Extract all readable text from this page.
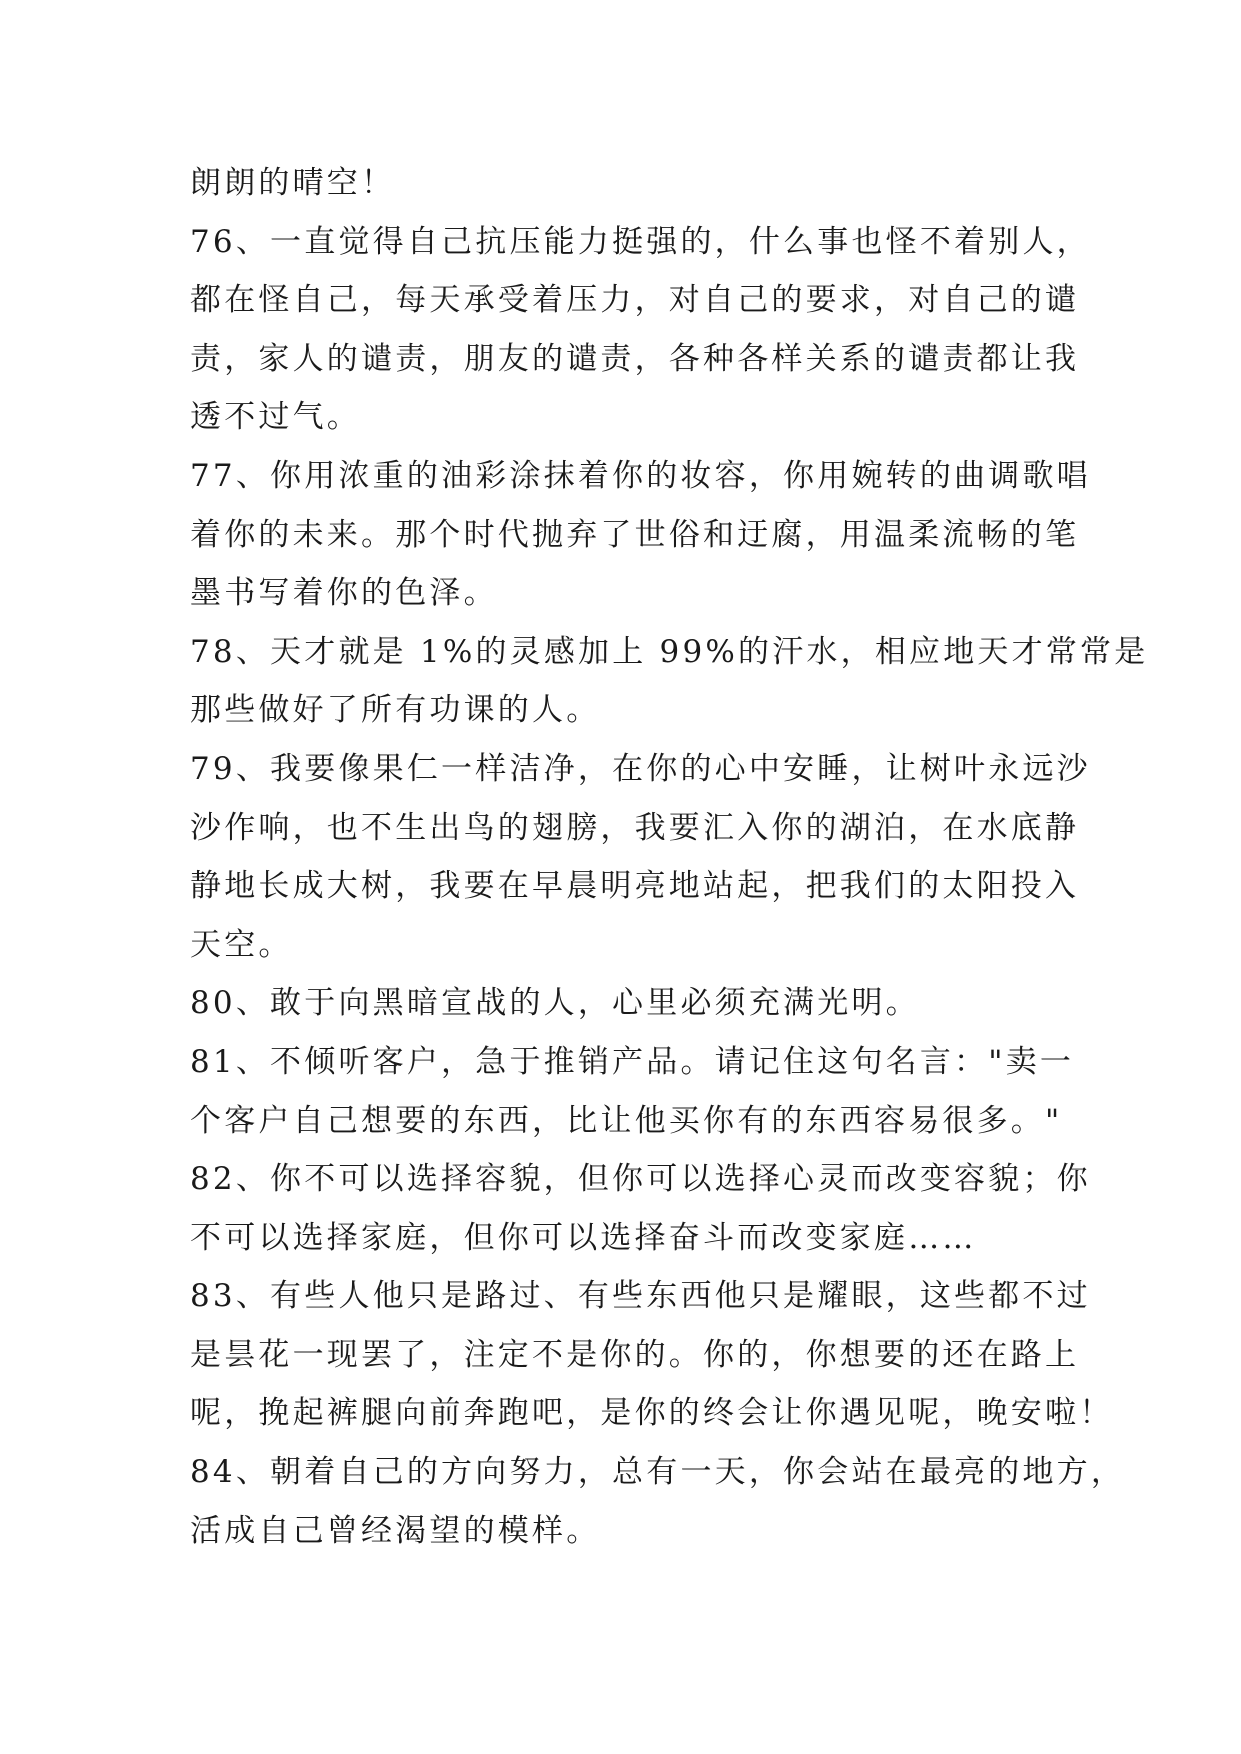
朗朗的晴空！
76、一直觉得自己抗压能力挺强的，什么事也怪不着别人，
都在怪自己，每天承受着压力，对自己的要求，对自己的谴
责，家人的谴责，朋友的谴责，各种各样关系的谴责都让我
透不过气。
77、你用浓重的油彩涂抹着你的妆容，你用婉转的曲调歌唱
着你的未来。那个时代抛弃了世俗和迂腐，用温柔流畅的笔
墨书写着你的色泽。
78、天才就是 1%的灵感加上 99%的汗水，相应地天才常常是
那些做好了所有功课的人。
79、我要像果仁一样洁净，在你的心中安睡，让树叶永远沙
沙作响，也不生出鸟的翅膀，我要汇入你的湖泊，在水底静
静地长成大树，我要在早晨明亮地站起，把我们的太阳投入
天空。
80、敢于向黑暗宣战的人，心里必须充满光明。
81、不倾听客户，急于推销产品。请记住这句名言："卖一
个客户自己想要的东西，比让他买你有的东西容易很多。"
82、你不可以选择容貌，但你可以选择心灵而改变容貌；你
不可以选择家庭，但你可以选择奋斗而改变家庭……
83、有些人他只是路过、有些东西他只是耀眼，这些都不过
是昙花一现罢了，注定不是你的。你的，你想要的还在路上
呢，挽起裤腿向前奔跑吧，是你的终会让你遇见呢，晚安啦！
84、朝着自己的方向努力，总有一天，你会站在最亮的地方，
活成自己曾经渴望的模样。
